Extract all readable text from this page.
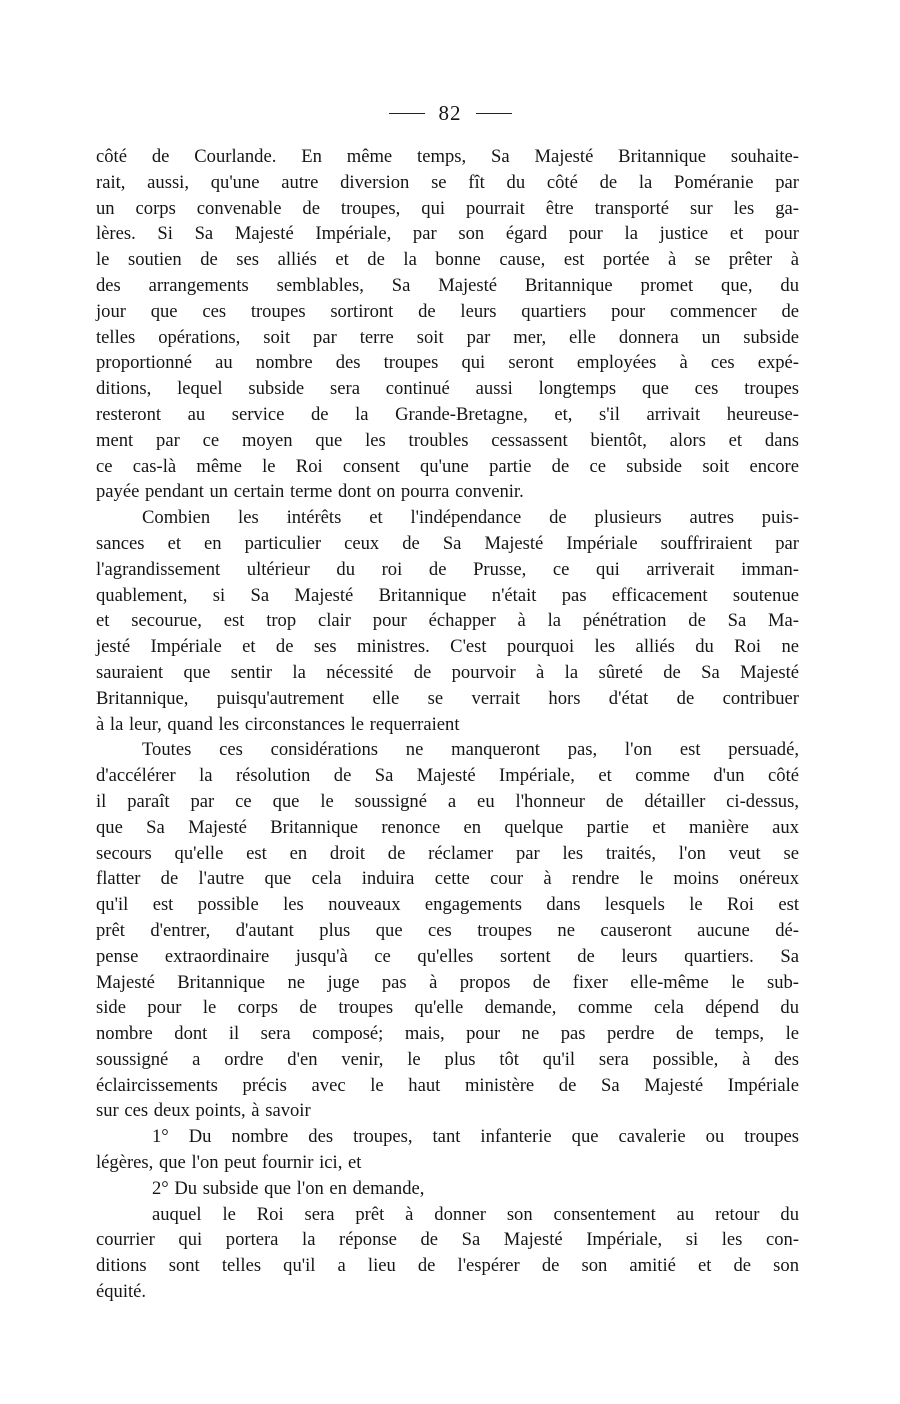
82
côté de Courlande. En même temps, Sa Majesté Britannique souhaite-
rait, aussi, qu'une autre diversion se fît du côté de la Poméranie par
un corps convenable de troupes, qui pourrait être transporté sur les ga-
lères. Si Sa Majesté Impériale, par son égard pour la justice et pour
le soutien de ses alliés et de la bonne cause, est portée à se prêter à
des arrangements semblables, Sa Majesté Britannique promet que, du
jour que ces troupes sortiront de leurs quartiers pour commencer de
telles opérations, soit par terre soit par mer, elle donnera un subside
proportionné au nombre des troupes qui seront employées à ces expé-
ditions, lequel subside sera continué aussi longtemps que ces troupes
resteront au service de la Grande-Bretagne, et, s'il arrivait heureuse-
ment par ce moyen que les troubles cessassent bientôt, alors et dans
ce cas-là même le Roi consent qu'une partie de ce subside soit encore
payée pendant un certain terme dont on pourra convenir.
Combien les intérêts et l'indépendance de plusieurs autres puis-
sances et en particulier ceux de Sa Majesté Impériale souffriraient par
l'agrandissement ultérieur du roi de Prusse, ce qui arriverait imman-
quablement, si Sa Majesté Britannique n'était pas efficacement soutenue
et secourue, est trop clair pour échapper à la pénétration de Sa Ma-
jesté Impériale et de ses ministres. C'est pourquoi les alliés du Roi ne
sauraient que sentir la nécessité de pourvoir à la sûreté de Sa Majesté
Britannique, puisqu'autrement elle se verrait hors d'état de contribuer
à la leur, quand les circonstances le requerraient
Toutes ces considérations ne manqueront pas, l'on est persuadé,
d'accélérer la résolution de Sa Majesté Impériale, et comme d'un côté
il paraît par ce que le soussigné a eu l'honneur de détailler ci-dessus,
que Sa Majesté Britannique renonce en quelque partie et manière aux
secours qu'elle est en droit de réclamer par les traités, l'on veut se
flatter de l'autre que cela induira cette cour à rendre le moins onéreux
qu'il est possible les nouveaux engagements dans lesquels le Roi est
prêt d'entrer, d'autant plus que ces troupes ne causeront aucune dé-
pense extraordinaire jusqu'à ce qu'elles sortent de leurs quartiers. Sa
Majesté Britannique ne juge pas à propos de fixer elle-même le sub-
side pour le corps de troupes qu'elle demande, comme cela dépend du
nombre dont il sera composé; mais, pour ne pas perdre de temps, le
soussigné a ordre d'en venir, le plus tôt qu'il sera possible, à des
éclaircissements précis avec le haut ministère de Sa Majesté Impériale
sur ces deux points, à savoir
1° Du nombre des troupes, tant infanterie que cavalerie ou troupes
légères, que l'on peut fournir ici, et
2° Du subside que l'on en demande,
auquel le Roi sera prêt à donner son consentement au retour du
courrier qui portera la réponse de Sa Majesté Impériale, si les con-
ditions sont telles qu'il a lieu de l'espérer de son amitié et de son
équité.
